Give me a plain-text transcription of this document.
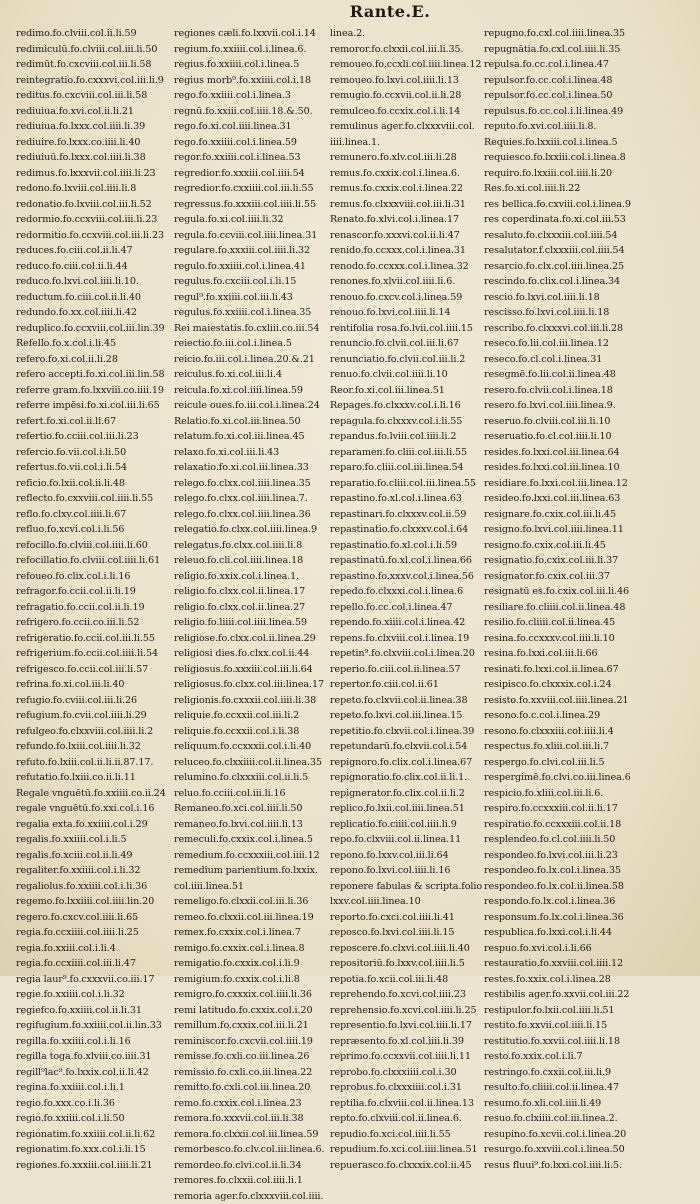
Rante.E.
redimo.fo.clviii.col.ii.li.59
redimiculū.fo.clviii.col.iii.li.50
redimūt.fo.cxcviii.col.iii.li.58
reintegratio.fo.cxxxvi.col.iii.li.9
reditus.fo.cxcviii.col.iii.li.58
rediuiua.fo.xvi.col.ii.li.21
rediuiua.fo.lxxx.col.iiii.li.39
rediuire.fo.lxxx.co.iiii.li.40
rediuiuū.fo.lxxx.col.iiii.li.38
redimus.fo.lxxxvii.col.iiii.li.23
redono.fo.lxviii.col.iiii.li.8
redonatio.fo.lxviii.col.iii.li.52
redormio.fo.ccxviii.col.iii.li.23
redormitio.fo.ccxviii.col.iii.li.23
reduces.fo.ciii.col.ii.li.47
reduco.fo.ciii.col.ii.li.44
reduco.fo.lxvi.col.iiii.li.10.
reductum.fo.ciii.col.ii.li.40
redundo.fo.xx.col.iiii.li.42
reduplico.fo.ccxviii.col.iii.lin.39
Refello.fo.x.col.i.li.45
refero.fo.xi.col.ii.li.28
refero accepti.fo.xi.col.iii.lin.58
referre gram.fo.lxxviii.co.iiii.19
referre impēsi.fo.xi.col.iii.li.65
refert.fo.xi.col.ii.li.67
refertio.fo.cciii.col.iii.li.23
refercio.fo.vii.col.i.li.50
refertus.fo.vii.col.i.li.54
reficio.fo.lxii.col.ii.li.48
reflecto.fo.cxxviii.col.iiii.li.55
reflo.fo.clxv.col.iiii.li.67
refluo.fo.xcvi.col.i.li.56
refocillo.fo.clviii.col.iiii.li.60
refocillatio.fo.clviii.col.iiii.li.61
refoueo.fo.clix.col.i.li.16
refragor.fo.ccii.col.ii.li.19
refragatio.fo.ccii.col.ii.li.19
refrigero.fo.ccii.co.iii.li.52
refrigeratio.fo.ccii.col.iii.li.55
refrigerium.fo.ccii.col.iiii.li.54
refrigesco.fo.ccii.col.iii.li.57
refrina.fo.xi.col.iii.li.40
refugio.fo.cviii.col.iii.li.26
refugium.fo.cvii.col.iiii.li.29
refulgeo.fo.clxxviii.col.iiii.li.2
refundo.fo.lxiii.col.iiii.li.32
refuto.fo.lxiii.col.ii.li.ii.87.17.
refutatio.fo.lxiii.co.ii.li.11
Regale vnguētū.fo.xxiiii.co.ii.24
regale vnguētū.fo.xxi.col.i.16
regalia exta.fo.xxiiii.col.i.29
regalis.fo.xxiiii.col.i.li.5
regalis.fo.xciii.col.ii.li.49
regaliter.fo.xxiiii.col.i.li.32
regaliolus.fo.xxiiii.col.i.li.36
regemo.fo.lxxiiii.col.iiii.lin.20
regero.fo.cxcv.col.iiii.li.65
regia.fo.ccxiiii.col.iiii.li.25
regia.fo.xxiii.col.i.li.4
regia.fo.ccxiiii.col.iii.li.47
regia laur⁹.fo.cxxxvii.co.iii.17
regie.fo.xxiiii.col.i.li.32
regiefco.fo.xxiiii.col.ii.li.31
regifugium.fo.xxiiii.col.ii.lin.33
regilla.fo.xxiiii.col.i.li.16
regilla toga.fo.xlviii.co.iiii.31
regill⁹lac⁹.fo.lxxix.col.ii.li.42
regina.fo.xxiiii.col.i.li.1
regio.fo.xxx.co.i.li.36
regio.fo.xxiiii.col.i.li.50
regionatim.fo.xxiiii.col.ii.li.62
regionatim.fo.xxx.col.i.li.15
regiones.fo.xxxiii.col.iiii.li.21
regiones cæli.fo.lxxvii.col.i.14
regium.fo.xxiiii.col.i.linea.6.
regius.fo.xxiiii.col.i.linea.5
regius morb⁹.fo.xxiiii.col.i.18
rego.fo.xxiiii.col.i.linea.3
regnū.fo.xxiii.col.iiii.18.&.50.
rego.fo.xi.col.iiii.linea.31
rego.fo.xxiiii.col.i.linea.59
regor.fo.xxiiii.col.i.linea.53
regredior.fo.xxxiii.col.iiii.54
regredior.fo.cxxiiii.col.iii.li.55
regressus.fo.xxxiii.col.iiii.li.55
regula.fo.xi.col.iiii.li.32
regula.fo.ccviii.col.iiii.linea.31
regulare.fo.xxxiii.col.iiii.li.32
regulo.fo.xxiiii.col.i.linea.41
regulus.fo.cxciii.col.i.li.15
regul⁹.fo.xxiiii.col.iii.li.43
regulus.fo.xxiiii.col.i.linea.35
Rei maiestatis.fo.cxliii.co.iii.54
reiectio.fo.iii.col.i.linea.5
reicio.fo.iii.col.i.linea.20.&.21
reiculus.fo.xi.col.iii.li.4
reicula.fo.xi.col.iiii.linea.59
reicule oues.fo.iii.col.i.linea.24
Relatio.fo.xi.col.iii.linea.50
relatum.fo.xi.col.iii.linea.45
relaxo.fo.xi.col.iii.li.43
relaxatio.fo.xi.col.iii.linea.33
relego.fo.clxx.col.iiii.linea.35
relego.fo.clxx.col.iiii.linea.7.
relego.fo.clxx.col.iiii.linea.36
relegatio.fo.clxx.col.iiii.linea.9
relegatus.fo.clxx.col.iiii.li.8
releuo.fo.cli.col.iiii.linea.18
religio.fo.xxix.col.i.linea.1.
religio.fo.clxx.col.ii.linea.17
religio.fo.clxx.col.ii.linea.27
religio.fo.liiii.col.iiii.linea.59
religiose.fo.clxx.col.ii.linea.29
religiosi dies.fo.clxx.col.ii.44
religiosus.fo.xxxiii.col.iii.li.64
religiosus.fo.clxx.col.iii.linea.17
religionis.fo.cxxxii.col.iiii.li.38
reliquie.fo.ccxxii.col.iii.li.2
reliquie.fo.ccxxii.col.i.li.38
reliquum.fo.ccxxxii.col.i.li.40
reluceo.fo.clxxiiii.col.ii.linea.35
relumino.fo.clxxxiii.col.ii.li.5
reluo.fo.cciii.col.iii.li.16
Remaneo.fo.xci.col.iiii.li.50
remaneo.fo.lxvi.col.iiii.li.13
remeculi.fo.cxxix.col.i.linea.5
remedium.fo.ccxxxiii.col.iiii.12
remedium parientium.fo.lxxix.
col.iiii.linea.51
remeligo.fo.clxxii.col.iii.li.36
remeo.fo.clxxii.col.iii.linea.19
remex.fo.cxxix.col.i.linea.7
remigo.fo.cxxix.col.i.linea.8
remigatio.fo.cxxix.col.i.li.9
remigium.fo.cxxix.col.i.li.8
remigro.fo.cxxxix.col.iiii.li.36
remi latitudo.fo.cxxix.col.i.20
remillum.fo.cxxix.col.iii.li.21
reminiscor.fo.cxcvii.col.iiii.19
remisse.fo.cxli.co.iii.linea.26
remissio.fo.cxli.co.iii.linea.22
remitto.fo.cxli.col.iii.linea.20
remo.fo.cxxix.col.i.linea.23
remora.fo.xxxvii.col.iii.li.38
remora.fo.clxxii.col.iii.linea.59
remorbesco.fo.clv.col.iii.linea.6.
remordeo.fo.clvi.col.ii.li.34
remores.fo.clxxii.col.iiii.li.1
remoria ager.fo.clxxxviii.col.iiii.
linea.2.
remoror.fo.clxxii.col.iii.li.35.
remoueo.fo.ccxli.col.iiii.linea.12
remoueo.fo.lxvi.col.iiii.li.13
remugio.fo.ccxvii.col.ii.li.28
remulceo.fo.ccxix.col.i.li.14
remulinus ager.fo.clxxxviii.col.
iiii.linea.1.
remunero.fo.xlv.col.iii.li.28
remus.fo.cxxix.col.i.linea.6.
remus.fo.cxxix.col.i.linea.22
remus.fo.clxxxviii.col.iii.li.31
Renato.fo.xlvi.col.i.linea.17
renascor.fo.xxxvi.col.ii.li.47
renido.fo.ccxxx.col.i.linea.31
renodo.fo.ccxxx.col.i.linea.32
renones.fo.xlvii.col.iiii.li.6.
renouo.fo.cxcv.col.i.linea.59
renouo.fo.lxvi.col.iiii.li.14
rentifolia rosa.fo.lvii.col.iiii.15
renuncio.fo.clvii.col.iii.li.67
renunciatio.fo.clvii.col.iii.li.2
renuo.fo.clvii.col.iiii.li.10
Reor.fo.xi.col.iii.linea.51
Repages.fo.clxxxv.col.i.li.16
repagula.fo.clxxxv.col.i.li.55
repandus.fo.lviii.col.iiii.li.2
reparamen.fo.cliii.col.iii.li.55
reparo.fo.cliii.col.iii.linea.54
reparatio.fo.cliii.col.iii.linea.55
repastino.fo.xl.col.i.linea.63
repastinari.fo.clxxxv.col.ii.59
repastinatio.fo.clxxxv.col.i.64
repastinatio.fo.xl.col.i.li.59
repastinatū.fo.xl.col.i.linea.66
repastino.fo.xxxv.col.i.linea.56
repedo.fo.clxxxi.col.i.linea.6
repello.fo.cc.col.i.linea.47
rependo.fo.xiiii.col.i.linea.42
repens.fo.clxviii.col.i.linea.19
repetin⁹.fo.clxviii.col.i.linea.20
reperio.fo.ciii.col.ii.linea.57
repertor.fo.ciii.col.ii.61
repeto.fo.clxvii.col.ii.linea.38
repeto.fo.lxvi.col.iii.linea.15
repetitio.fo.clxvii.col.i.linea.39
repetundarū.fo.clxvii.col.i.54
repignoro.fo.clix.col.i.linea.67
repignoratio.fo.clix.col.ii.li.1.
repignerator.fo.clix.col.ii.li.2
replico.fo.lxii.col.iiii.linea.51
replicatio.fo.ciiii.col.iiii.li.9
repo.fo.clxviii.col.ii.linea.11
repono.fo.lxxv.col.iii.li.64
repono.fo.lxvi.col.iiii.li.16
reponere fabulas & scripta.folio
lxxv.col.iiii.linea.10
reporto.fo.cxci.col.iiii.li.41
reposco.fo.lxvi.col.iiii.li.15
reposcere.fo.clxvi.col.iiii.li.40
repositoriū.fo.lxxv.col.iiii.li.5
repotia.fo.xcii.col.iii.li.48
reprehendo.fo.xcvi.col.iiii.23
reprehensio.fo.xcvi.col.iiii.li.25
representio.fo.lxvi.col.iiii.li.17
repræsento.fo.xl.col.iiii.li.39
reprimo.fo.ccxxvii.col.iiii.li.11
reprobo.fo.clxxxiiii.col.i.30
reprobus.fo.clxxxiiii.col.i.31
reptilia.fo.clxviii.col.ii.linea.13
repto.fo.clxviii.col.ii.linea.6.
repudio.fo.xci.col.iiii.li.55
repudium.fo.xci.col.iiii.linea.51
repuerasco.fo.clxxxix.col.ii.45
repugno.fo.cxl.col.iiii.linea.35
repugnātia.fo.cxl.col.iiii.li.35
repulsa.fo.cc.col.i.linea.47
repulsor.fo.cc.col.i.linea.48
repulsor.fo.cc.col.i.linea.50
repulsus.fo.cc.col.i.li.linea.49
reputo.fo.xvi.col.iiii.li.8.
Requies.fo.lxxiii.col.i.linea.5
requiesco.fo.lxxiii.col.i.linea.8
requiro.fo.lxxiii.col.iiii.li.20
Res.fo.xi.col.iiii.li.22
res bellica.fo.cxviii.col.i.linea.9
res coperdinata.fo.xi.col.iii.53
resaluto.fo.clxxxiii.col.iiii.54
resalutator.f.clxxxiii.col.iiii.54
resarcio.fo.clx.col.iiii.linea.25
rescindo.fo.clix.col.i.linea.34
rescio.fo.lxvi.col.iiii.li.18
rescisso.fo.lxvi.col.iiii.li.18
rescribo.fo.clxxxvi.col.iii.li.28
reseco.fo.lii.col.iii.linea.12
reseco.fo.cl.col.i.linea.31
resegmē.fo.lii.col.ii.linea.48
resero.fo.clvii.col.i.linea.18
resero.fo.lxvi.col.iiii.linea.9.
reseruo.fo.clviii.col.iii.li.10
reseruatio.fo.cl.col.iiii.li.10
resides.fo.lxxi.col.iii.linea.64
resides.fo.lxxi.col.iii.linea.10
residiare.fo.lxxi.col.iii.linea.12
resideo.fo.lxxi.col.iii.linea.63
resignare.fo.cxix.col.iii.li.45
resigno.fo.lxvi.col.iiii.linea.11
resigno.fo.cxix.col.iii.li.45
resignatio.fo.cxix.col.iii.li.37
resignator.fo.cxix.col.iii.37
resignatū es.fo.cxix.col.iii.li.46
resiliare.fo.cliiii.col.ii.linea.48
resilio.fo.cliiii.col.ii.linea.45
resina.fo.ccxxxv.col.iiii.li.10
resina.fo.lxxi.col.iii.li.66
resinati.fo.lxxi.col.ii.linea.67
resipisco.fo.clxxxix.col.i.24
resisto.fo.xxviii.col.iiii.linea.21
resono.fo.c.col.i.linea.29
resono.fo.clxxxiii.col.iiii.li.4
respectus.fo.xliii.col.iii.li.7
respergo.fo.clvi.col.iii.li.5
respergimē.fo.clvi.co.iii.linea.6
respicio.fo.xliii.col.iii.li.6.
respiro.fo.ccxxxiii.col.ii.li.17
respiratio.fo.ccxxxiii.col.ii.18
resplendeo.fo.cl.col.iiii.li.50
respondeo.fo.lxvi.col.iii.li.23
respondeo.fo.lx.col.i.linea.35
respondeo.fo.lx.col.ii.linea.58
respondo.fo.lx.col.i.linea.36
responsum.fo.lx.col.i.linea.36
respublica.fo.lxxi.col.i.li.44
respuo.fo.xvi.col.i.li.66
restauratio.fo.xxviii.col.iiii.12
restes.fo.xxix.col.i.linea.28
restibilis ager.fo.xxvii.col.iii.22
restipulor.fo.lxii.col.iiii.li.51
restito.fo.xxvii.col.iiii.li.15
restitutio.fo.xxvii.col.iiii.li.18
resto.fo.xxix.col.i.li.7
restringo.fo.cxxii.col.iii.li.9
resulto.fo.cliiii.col.ii.linea.47
resumo.fo.xli.col.iiii.li.49
resuo.fo.clxiiii.col.iii.linea.2.
resupino.fo.xcvii.col.i.linea.20
resurgo.fo.xxviii.col.i.linea.50
resus fluui⁹.fo.lxxi.col.iiii.li.5.
